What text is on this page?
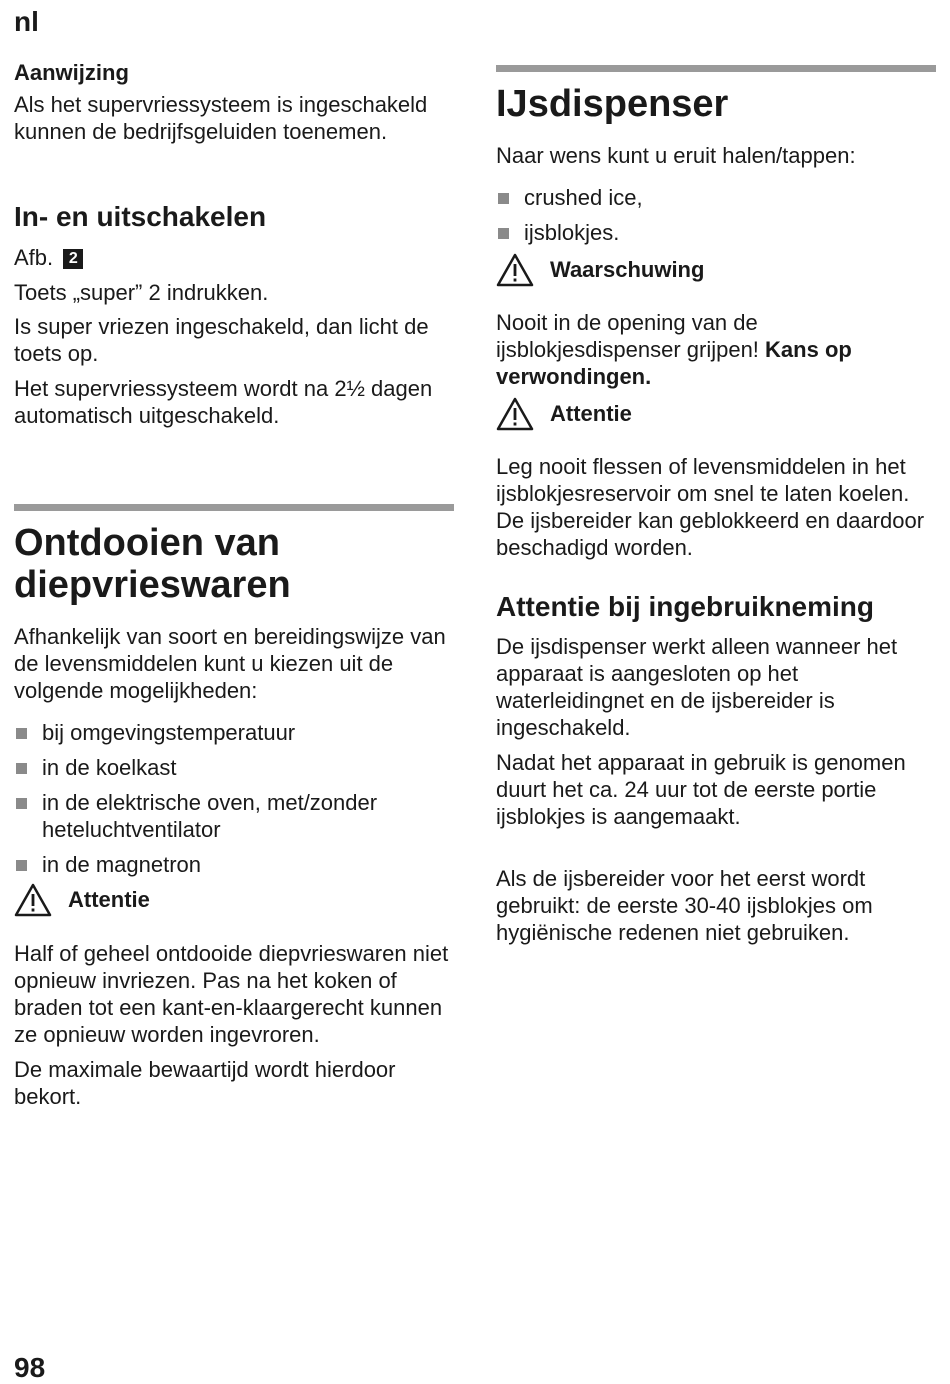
nl
Aanwijzing

Als het supervriessysteem is ingeschakeld kunnen de bedrijfsgeluiden toenemen.

In- en uitschakelen

Afb. 2

Toets „super” 2 indrukken.

Is super vriezen ingeschakeld, dan licht de toets op.

Het supervriessysteem wordt na 2½ dagen automatisch uitgeschakeld.

Ontdooien van
diepvrieswaren

Afhankelijk van soort en bereidingswijze van de levensmiddelen kunt u kiezen uit de volgende mogelijkheden:

bij omgevingstemperatuur
in de koelkast
in de elektrische oven, met/zonder heteluchtventilator
in de magnetron
Attentie

Half of geheel ontdooide diepvrieswaren niet opnieuw invriezen. Pas na het koken of braden tot een kant-en-klaargerecht kunnen ze opnieuw worden ingevroren.

De maximale bewaartijd wordt hierdoor bekort.

IJsdispenser

Naar wens kunt u eruit halen/tappen:

crushed ice,
ijsblokjes.
Waarschuwing

Nooit in de opening van de ijsblokjesdispenser grijpen! Kans op verwondingen.

Attentie

Leg nooit flessen of levensmiddelen in het ijsblokjesreservoir om snel te laten koelen. De ijsbereider kan geblokkeerd en daardoor beschadigd worden.

Attentie bij ingebruikneming

De ijsdispenser werkt alleen wanneer het apparaat is aangesloten op het waterleidingnet en de ijsbereider is ingeschakeld.

Nadat het apparaat in gebruik is genomen duurt het ca. 24 uur tot de eerste portie ijsblokjes is aangemaakt.

Als de ijsbereider voor het eerst wordt gebruikt: de eerste 30-40 ijsblokjes om hygiënische redenen niet gebruiken.

98
